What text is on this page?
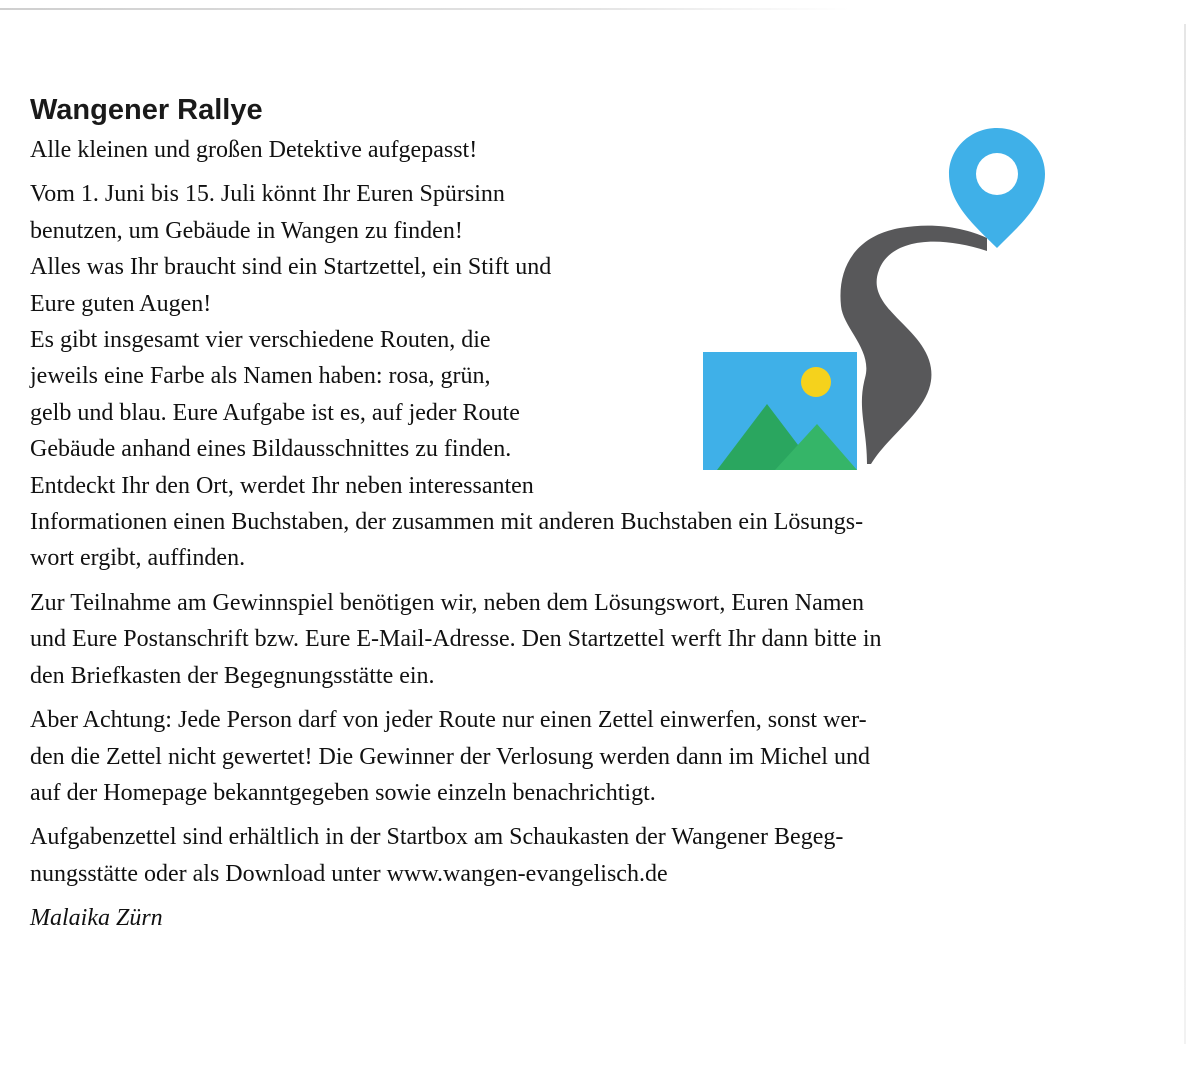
Wangener Rallye

Alle kleinen und großen Detektive aufgepasst!

Vom 1. Juni bis 15. Juli könnt Ihr Euren Spürsinn
benutzen, um Gebäude in Wangen zu finden!
Alles was Ihr braucht sind ein Startzettel, ein Stift und
Eure guten Augen!
Es gibt insgesamt vier verschiedene Routen, die
jeweils eine Farbe als Namen haben: rosa, grün,
gelb und blau. Eure Aufgabe ist es, auf jeder Route
Gebäude anhand eines Bildausschnittes zu finden.
Entdeckt Ihr den Ort, werdet Ihr neben interessanten
Informationen einen Buchstaben, der zusammen mit anderen Buchstaben ein Lösungs-
wort ergibt, auffinden.

Zur Teilnahme am Gewinnspiel benötigen wir, neben dem Lösungswort, Euren Namen
und Eure Postanschrift bzw. Eure E-Mail-Adresse. Den Startzettel werft Ihr dann bitte in
den Briefkasten der Begegnungsstätte ein.

Aber Achtung: Jede Person darf von jeder Route nur einen Zettel einwerfen, sonst wer-
den die Zettel nicht gewertet! Die Gewinner der Verlosung werden dann im Michel und
auf der Homepage bekanntgegeben sowie einzeln benachrichtigt.

Aufgabenzettel sind erhältlich in der Startbox am Schaukasten der Wangener Begeg-
nungsstätte oder als Download unter www.wangen-evangelisch.de

Malaika Zürn
